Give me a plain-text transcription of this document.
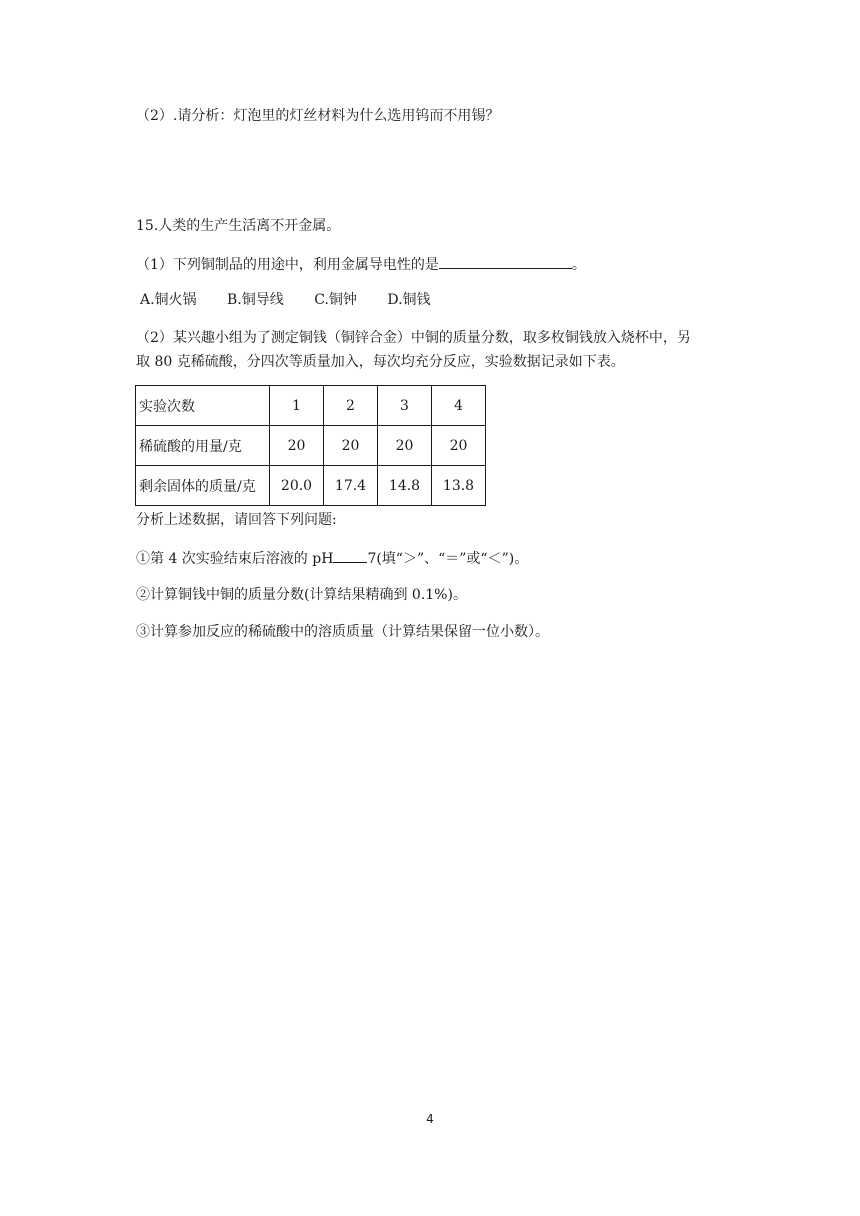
（2）.请分析：灯泡里的灯丝材料为什么选用钨而不用锡？
15.人类的生产生活离不开金属。
（1）下列铜制品的用途中，利用金属导电性的是	。
A.铜火锅 B.铜导线 C.铜钟 D.铜钱
（2）某兴趣小组为了测定铜钱（铜锌合金）中铜的质量分数，取多枚铜钱放入烧杯中，另
取 80 克稀硫酸，分四次等质量加入，每次均充分反应，实验数据记录如下表。
实验次数	1	2	3	4
稀硫酸的用量/克	20	20	20	20
剩余固体的质量/克	20.0	17.4	14.8	13.8
分析上述数据，请回答下列问题:
①第 4 次实验结束后溶液的 pH 7(填“＞”、“＝”或“＜”)。
②计算铜钱中铜的质量分数(计算结果精确到 0.1%)。
③计算参加反应的稀硫酸中的溶质质量（计算结果保留一位小数）。
4
